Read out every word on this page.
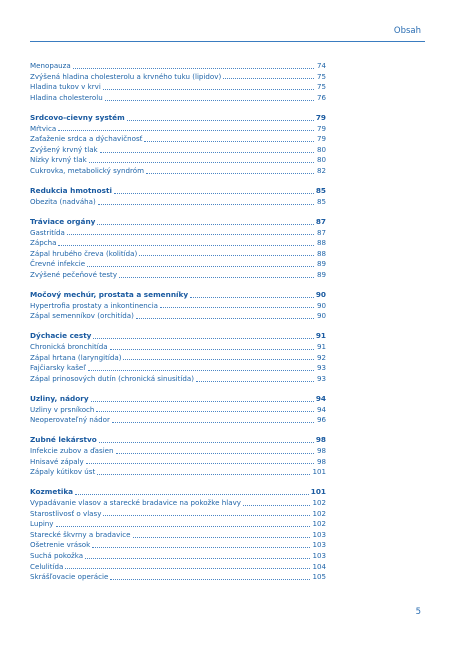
Obsah
Menopauza	74
Zvýšená hladina cholesterolu a krvného tuku (lipidov)	75
Hladina tukov v krvi	75
Hladina cholesterolu	76
Srdcovo-cievny systém	79
Mŕtvica	79
Zaťaženie srdca a dýchavičnosť	79
Zvýšený krvný tlak	80
Nízky krvný tlak	80
Cukrovka, metabolický syndróm	82
Redukcia hmotnosti	85
Obezita (nadváha)	85
Tráviace orgány	87
Gastritída	87
Zápcha	88
Zápal hrubého čreva (kolitída)	88
Črevné infekcie	89
Zvýšené pečeňové testy	89
Močový mechúr, prostata a semenníky	90
Hypertrofia prostaty a inkontinencia	90
Zápal semenníkov (orchitída)	90
Dýchacie cesty	91
Chronická bronchitída	91
Zápal hrtana (laryngitída)	92
Fajčiarsky kašeľ	93
Zápal prinosových dutín (chronická sinusitída)	93
Uzliny, nádory	94
Uzliny v prsníkoch	94
Neoperovateľný nádor	96
Zubné lekárstvo	98
Infekcie zubov a ďasien	98
Hnisavé zápaly	98
Zápaly kútikov úst	101
Kozmetika	101
Vypadávanie vlasov a starecké bradavice na pokožke hlavy	102
Starostlivosť o vlasy	102
Lupiny	102
Starecké škvrny a bradavice	103
Ošetrenie vrások	103
Suchá pokožka	103
Celulitída	104
Skrášľovacie operácie	105
5
